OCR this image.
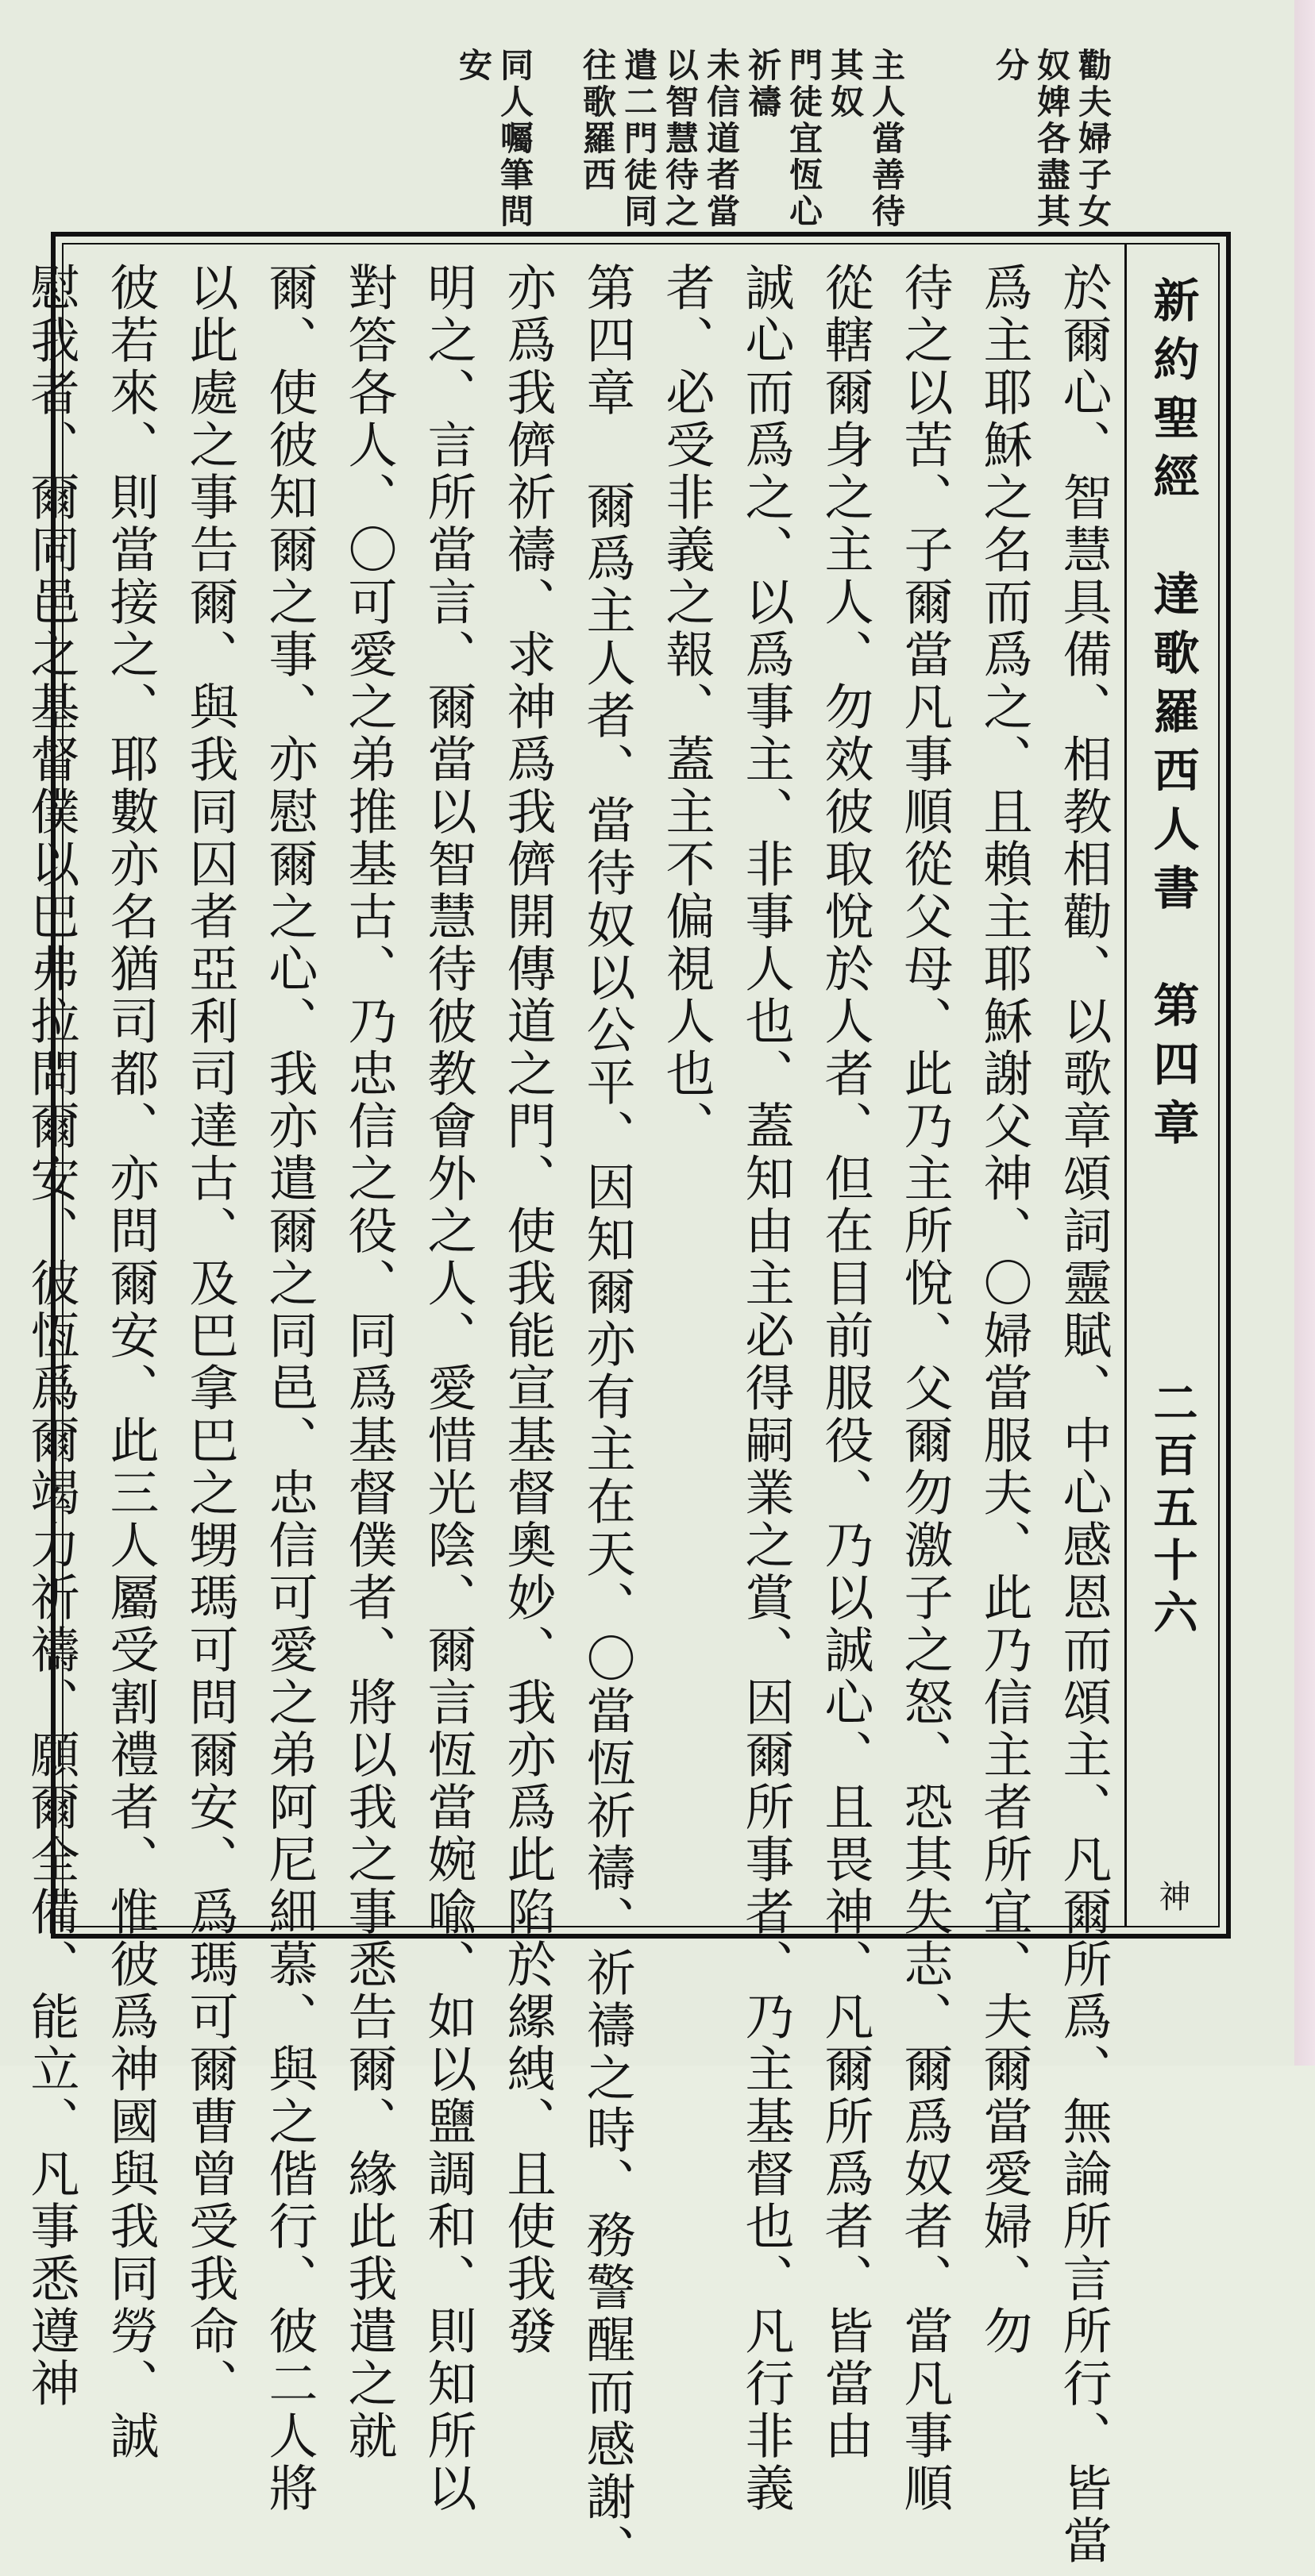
勸夫婦子女
奴婢各盡其
分

主人當善待
其奴
門徒宜恆心
祈禱
未信道者當
以智慧待之
遣二門徒同
往歌羅西

同人囑筆問
安
新約聖經　達歌羅西人書　第四章
二百五十六
神
於爾心、智慧具備、相教相勸、以歌章頌詞靈賦、中心感恩而頌主、凡爾所爲、無論所言所行、皆當
爲主耶穌之名而爲之、且賴主耶穌謝父神、〇婦當服夫、此乃信主者所宜、夫爾當愛婦、勿
待之以苦、子爾當凡事順從父母、此乃主所悅、父爾勿激子之怒、恐其失志、爾爲奴者、當凡事順
從轄爾身之主人、勿效彼取悅於人者、但在目前服役、乃以誠心、且畏神、凡爾所爲者、皆當由
誠心而爲之、以爲事主、非事人也、蓋知由主必得嗣業之賞、因爾所事者、乃主基督也、凡行非義
者、必受非義之報、蓋主不偏視人也、
第四章 爾爲主人者、當待奴以公平、因知爾亦有主在天、〇當恆祈禱、祈禱之時、務警醒而感謝、
亦爲我儕祈禱、求神爲我儕開傳道之門、使我能宣基督奧妙、我亦爲此陷於縲絏、且使我發
明之、言所當言、爾當以智慧待彼教會外之人、愛惜光陰、爾言恆當婉喩、如以鹽調和、則知所以
對答各人、〇可愛之弟推基古、乃忠信之役、同爲基督僕者、將以我之事悉告爾、緣此我遣之就
爾、使彼知爾之事、亦慰爾之心、我亦遣爾之同邑、忠信可愛之弟阿尼細慕、與之偕行、彼二人將
以此處之事告爾、與我同囚者亞利司達古、及巴拿巴之甥瑪可問爾安、爲瑪可爾曹曾受我命、
彼若來、則當接之、耶數亦名猶司都、亦問爾安、此三人屬受割禮者、惟彼爲神國與我同勞、誠
慰我者、爾同邑之基督僕以巴弗拉問爾安、彼恆爲爾竭力祈禱、願爾全備、能立、凡事悉遵神
